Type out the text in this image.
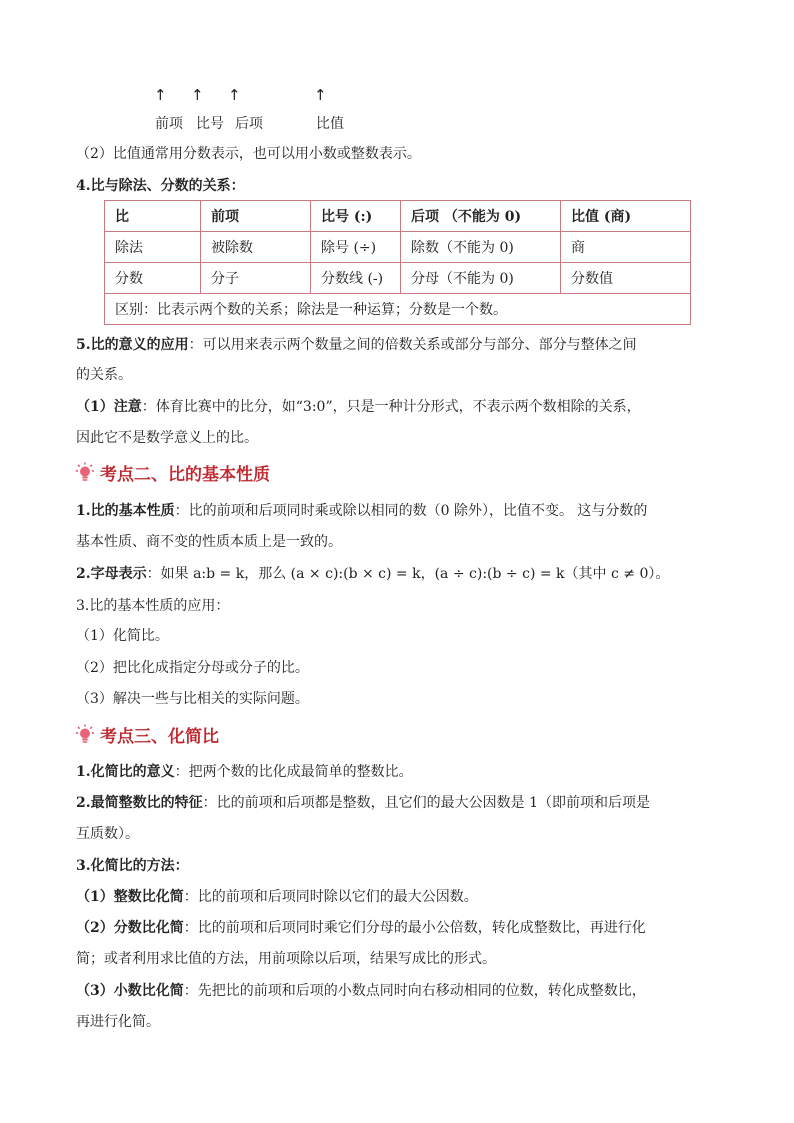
↑ ↑ ↑	↑
前项 比号 后项	比值
（2）比值通常用分数表示，也可以用小数或整数表示。
4.比与除法、分数的关系：
比	前项	比号 (:)	后项 （不能为 0)	比值 (商)
除法	被除数	除号 (÷)	除数（不能为 0)	商
分数	分子	分数线 (-)	分母（不能为 0)	分数值
区别：比表示两个数的关系；除法是一种运算；分数是一个数。				
5.比的意义的应用：可以用来表示两个数量之间的倍数关系或部分与部分、部分与整体之间
的关系。
（1）注意：体育比赛中的比分，如“3:0”，只是一种计分形式，不表示两个数相除的关系，
因此它不是数学意义上的比。
考点二、比的基本性质
1.比的基本性质：比的前项和后项同时乘或除以相同的数（0 除外），比值不变。 这与分数的
基本性质、商不变的性质本质上是一致的。
2.字母表示：如果 a:b = k，那么 (a × c):(b × c) = k，(a ÷ c):(b ÷ c) = k（其中 c ≠ 0）。
3.比的基本性质的应用：
（1）化简比。
（2）把比化成指定分母或分子的比。
（3）解决一些与比相关的实际问题。
考点三、化简比
1.化简比的意义：把两个数的比化成最简单的整数比。
2.最简整数比的特征：比的前项和后项都是整数，且它们的最大公因数是 1（即前项和后项是
互质数）。
3.化简比的方法：
（1）整数比化简：比的前项和后项同时除以它们的最大公因数。
（2）分数比化简：比的前项和后项同时乘它们分母的最小公倍数，转化成整数比，再进行化
简；或者利用求比值的方法，用前项除以后项，结果写成比的形式。
（3）小数比化简：先把比的前项和后项的小数点同时向右移动相同的位数，转化成整数比，
再进行化简。
